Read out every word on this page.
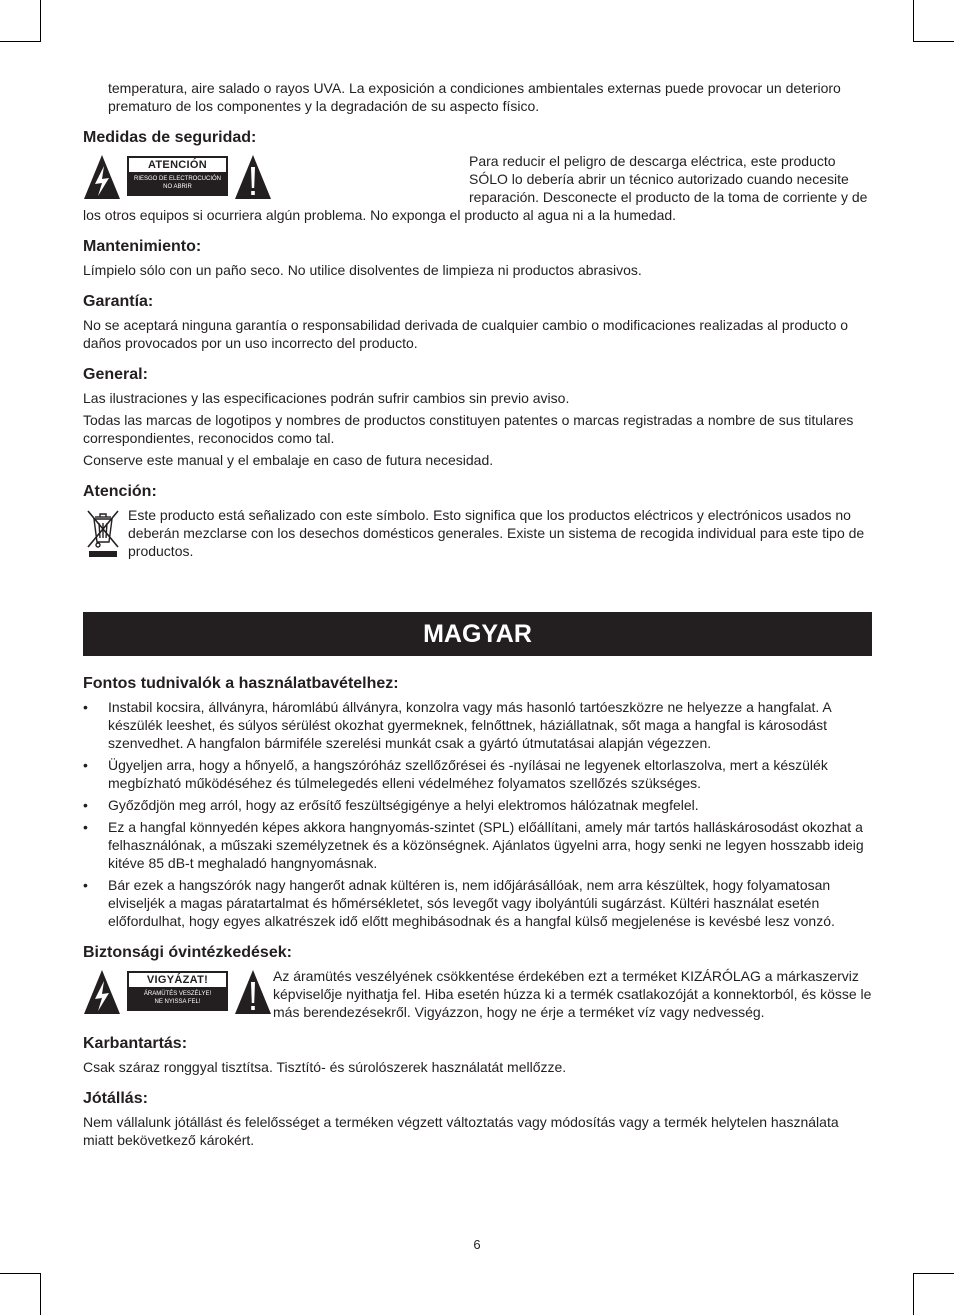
temperatura, aire salado o rayos UVA. La exposición a condiciones ambientales externas puede provocar un deterioro prematuro de los componentes y la degradación de su aspecto físico.

Medidas de seguridad:
ATENCIÓN
RIESGO DE ELECTROCUCIÓN
NO ABRIR

Para reducir el peligro de descarga eléctrica, este producto SÓLO lo debería abrir un técnico autorizado cuando necesite reparación. Desconecte el producto de la toma de corriente y de los otros equipos si ocurriera algún problema. No exponga el producto al agua ni a la humedad.

Mantenimiento:

Límpielo sólo con un paño seco. No utilice disolventes de limpieza ni productos abrasivos.

Garantía:

No se aceptará ninguna garantía o responsabilidad derivada de cualquier cambio o modificaciones realizadas al producto o daños provocados por un uso incorrecto del producto.

General:

Las ilustraciones y las especificaciones podrán sufrir cambios sin previo aviso.

Todas las marcas de logotipos y nombres de productos constituyen patentes o marcas registradas a nombre de sus titulares correspondientes, reconocidos como tal.

Conserve este manual y el embalaje en caso de futura necesidad.

Atención:

Este producto está señalizado con este símbolo. Esto significa que los productos eléctricos y electrónicos usados no deberán mezclarse con los desechos domésticos generales. Existe un sistema de recogida individual para este tipo de productos.

MAGYAR
Fontos tudnivalók a használatbavételhez:
• Instabil kocsira, állványra, háromlábú állványra, konzolra vagy más hasonló tartóeszközre ne helyezze a hangfalat. A készülék leeshet, és súlyos sérülést okozhat gyermeknek, felnőttnek, háziállatnak, sőt maga a hangfal is károsodást szenvedhet. A hangfalon bármiféle szerelési munkát csak a gyártó útmutatásai alapján végezzen.
• Ügyeljen arra, hogy a hőnyelő, a hangszóróház szellőzőrései és -nyílásai ne legyenek eltorlaszolva, mert a készülék megbízható működéséhez és túlmelegedés elleni védelméhez folyamatos szellőzés szükséges.
• Győződjön meg arról, hogy az erősítő feszültségigénye a helyi elektromos hálózatnak megfelel.
• Ez a hangfal könnyedén képes akkora hangnyomás-szintet (SPL) előállítani, amely már tartós halláskárosodást okozhat a felhasználónak, a műszaki személyzetnek és a közönségnek. Ajánlatos ügyelni arra, hogy senki ne legyen hosszabb ideig kitéve 85 dB-t meghaladó hangnyomásnak.
• Bár ezek a hangszórók nagy hangerőt adnak kültéren is, nem időjárásállóak, nem arra készültek, hogy folyamatosan elviseljék a magas páratartalmat és hőmérsékletet, sós levegőt vagy ibolyántúli sugárzást. Kültéri használat esetén előfordulhat, hogy egyes alkatrészek idő előtt meghibásodnak és a hangfal külső megjelenése is kevésbé lesz vonzó.
Biztonsági óvintézkedések:
VIGYÁZAT!
ÁRAMÜTÉS VESZÉLYE!
NE NYISSA FEL!

Az áramütés veszélyének csökkentése érdekében ezt a terméket KIZÁRÓLAG a márkaszerviz képviselője nyithatja fel. Hiba esetén húzza ki a termék csatlakozóját a konnektorból, és kösse le más berendezésekről. Vigyázzon, hogy ne érje a terméket víz vagy nedvesség.

Karbantartás:

Csak száraz ronggyal tisztítsa. Tisztító- és súrolószerek használatát mellőzze.

Jótállás:

Nem vállalunk jótállást és felelősséget a terméken végzett változtatás vagy módosítás vagy a termék helytelen használata miatt bekövetkező károkért.

6
